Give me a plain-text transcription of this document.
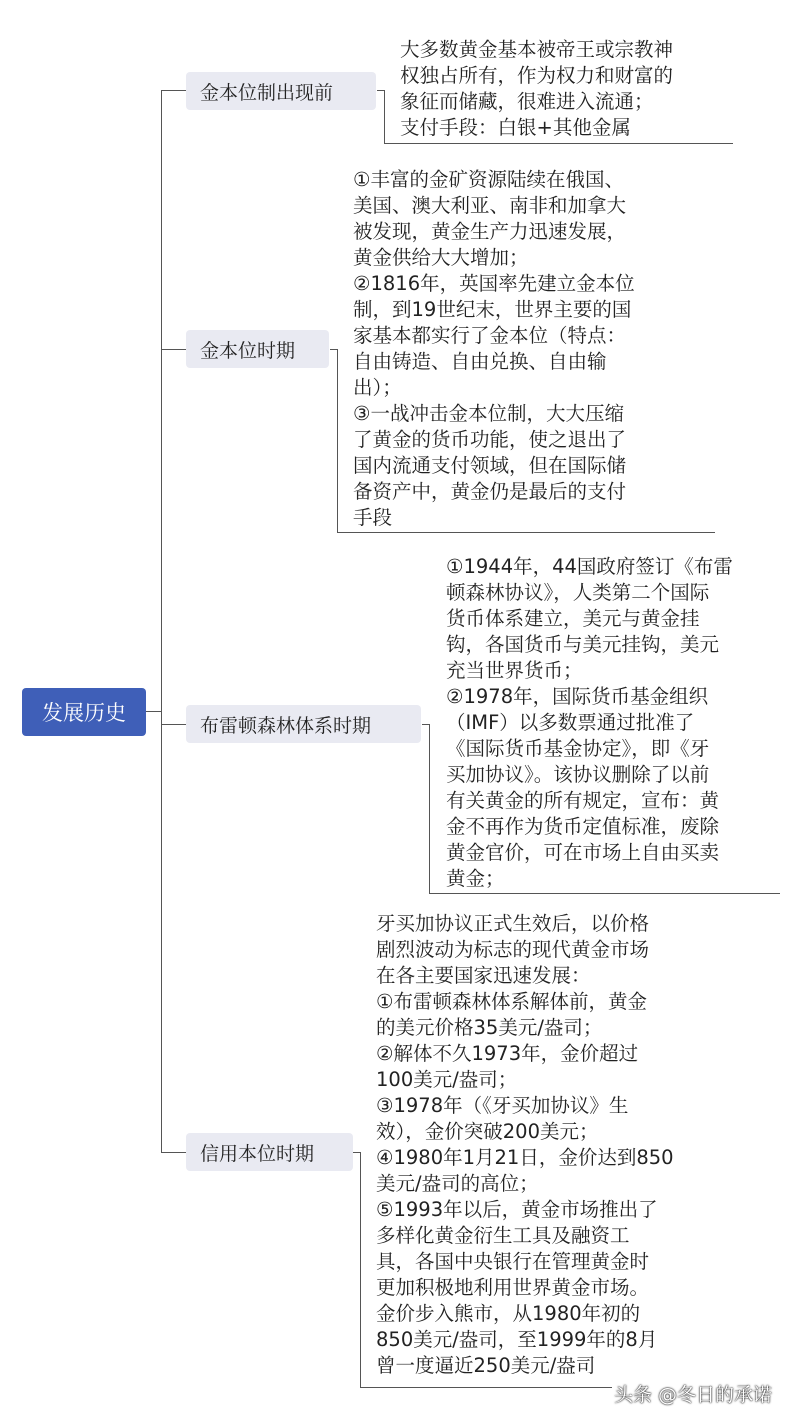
发展历史
金本位制出现前
金本位时期
布雷顿森林体系时期
信用本位时期
大多数黄金基本被帝王或宗教神
权独占所有，作为权力和财富的
象征而储藏，很难进入流通；
支付手段：白银+其他金属
①丰富的金矿资源陆续在俄国、
美国、澳大利亚、南非和加拿大
被发现，黄金生产力迅速发展，
黄金供给大大增加；
②1816年，英国率先建立金本位
制，到19世纪末，世界主要的国
家基本都实行了金本位（特点：
自由铸造、自由兑换、自由输
出）；
③一战冲击金本位制，大大压缩
了黄金的货币功能，使之退出了
国内流通支付领域，但在国际储
备资产中，黄金仍是最后的支付
手段
①1944年，44国政府签订《布雷
顿森林协议》，人类第二个国际
货币体系建立，美元与黄金挂
钩，各国货币与美元挂钩，美元
充当世界货币；
②1978年，国际货币基金组织
（IMF）以多数票通过批准了
《国际货币基金协定》，即《牙
买加协议》。该协议删除了以前
有关黄金的所有规定，宣布：黄
金不再作为货币定值标准，废除
黄金官价，可在市场上自由买卖
黄金；
牙买加协议正式生效后，以价格
剧烈波动为标志的现代黄金市场
在各主要国家迅速发展：
①布雷顿森林体系解体前，黄金
的美元价格35美元/盎司；
②解体不久1973年，金价超过
100美元/盎司；
③1978年（《牙买加协议》生
效），金价突破200美元；
④1980年1月21日，金价达到850
美元/盎司的高位；
⑤1993年以后，黄金市场推出了
多样化黄金衍生工具及融资工
具，各国中央银行在管理黄金时
更加积极地利用世界黄金市场。
金价步入熊市，从1980年初的
850美元/盎司，至1999年的8月
曾一度逼近250美元/盎司
头条 @冬日的承诺
